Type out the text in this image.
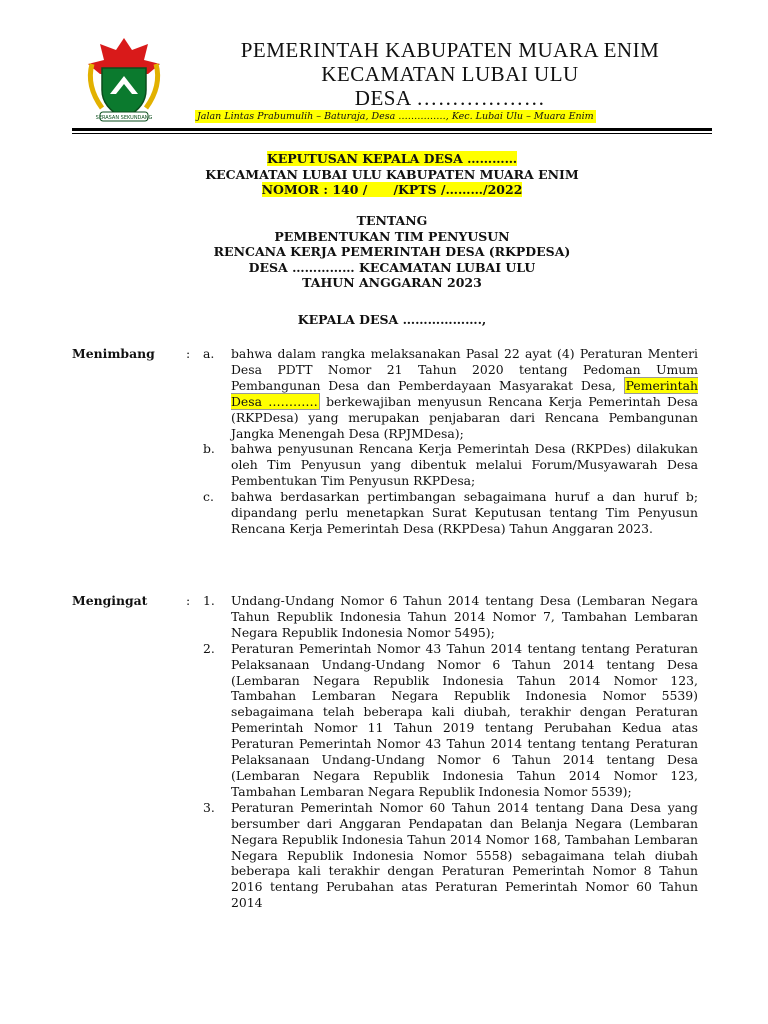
SERASAN SEKUNDANG
PEMERINTAH KABUPATEN MUARA ENIM
KECAMATAN LUBAI ULU
DESA ………………
Jalan Lintas Prabumulih – Baturaja, Desa ……………, Kec. Lubai Ulu – Muara Enim
KEPUTUSAN KEPALA DESA …………
KECAMATAN LUBAI ULU KABUPATEN MUARA ENIM
NOMOR : 140 /      /KPTS /………/2022
TENTANG
PEMBENTUKAN TIM PENYUSUN
RENCANA KERJA PEMERINTAH DESA (RKPDESA)
DESA …………… KECAMATAN LUBAI ULU
TAHUN ANGGARAN 2023
KEPALA DESA ……………….,
Menimbang	: a. bahwa dalam rangka melaksanakan Pasal 22 ayat (4) Peraturan Menteri Desa PDTT Nomor 21 Tahun 2020 tentang Pedoman Umum Pembangunan Desa dan Pemberdayaan Masyarakat Desa, Pemerintah Desa ………… berkewajiban menyusun Rencana Kerja Pemerintah Desa (RKPDesa) yang merupakan penjabaran dari Rencana Pembangunan Jangka Menengah Desa (RPJMDesa);
b. bahwa penyusunan Rencana Kerja Pemerintah Desa (RKPDes) dilakukan oleh Tim Penyusun yang dibentuk melalui Forum/Musyawarah Desa Pembentukan Tim Penyusun RKPDesa;
c. bahwa berdasarkan pertimbangan sebagaimana huruf a dan huruf b; dipandang perlu menetapkan Surat Keputusan tentang Tim Penyusun Rencana Kerja Pemerintah Desa (RKPDesa) Tahun Anggaran 2023.
Mengingat	: 1. Undang-Undang Nomor 6 Tahun 2014 tentang Desa (Lembaran Negara Tahun Republik Indonesia Tahun 2014 Nomor 7, Tambahan Lembaran Negara Republik Indonesia Nomor 5495);
2. Peraturan Pemerintah Nomor 43 Tahun 2014 tentang tentang Peraturan Pelaksanaan Undang-Undang Nomor 6 Tahun 2014 tentang Desa (Lembaran Negara Republik Indonesia Tahun 2014 Nomor 123, Tambahan Lembaran Negara Republik Indonesia Nomor 5539) sebagaimana telah beberapa kali diubah, terakhir dengan Peraturan Pemerintah Nomor 11 Tahun 2019 tentang Perubahan Kedua atas Peraturan Pemerintah Nomor 43 Tahun 2014 tentang tentang Peraturan Pelaksanaan Undang-Undang Nomor 6 Tahun 2014 tentang Desa (Lembaran Negara Republik Indonesia Tahun 2014 Nomor 123, Tambahan Lembaran Negara Republik Indonesia Nomor 5539);
3. Peraturan Pemerintah Nomor 60 Tahun 2014 tentang Dana Desa yang bersumber dari Anggaran Pendapatan dan Belanja Negara (Lembaran Negara Republik Indonesia Tahun 2014 Nomor 168, Tambahan Lembaran Negara Republik Indonesia Nomor 5558) sebagaimana telah diubah beberapa kali terakhir dengan Peraturan Pemerintah Nomor 8 Tahun 2016 tentang Perubahan atas Peraturan Pemerintah Nomor 60 Tahun 2014
